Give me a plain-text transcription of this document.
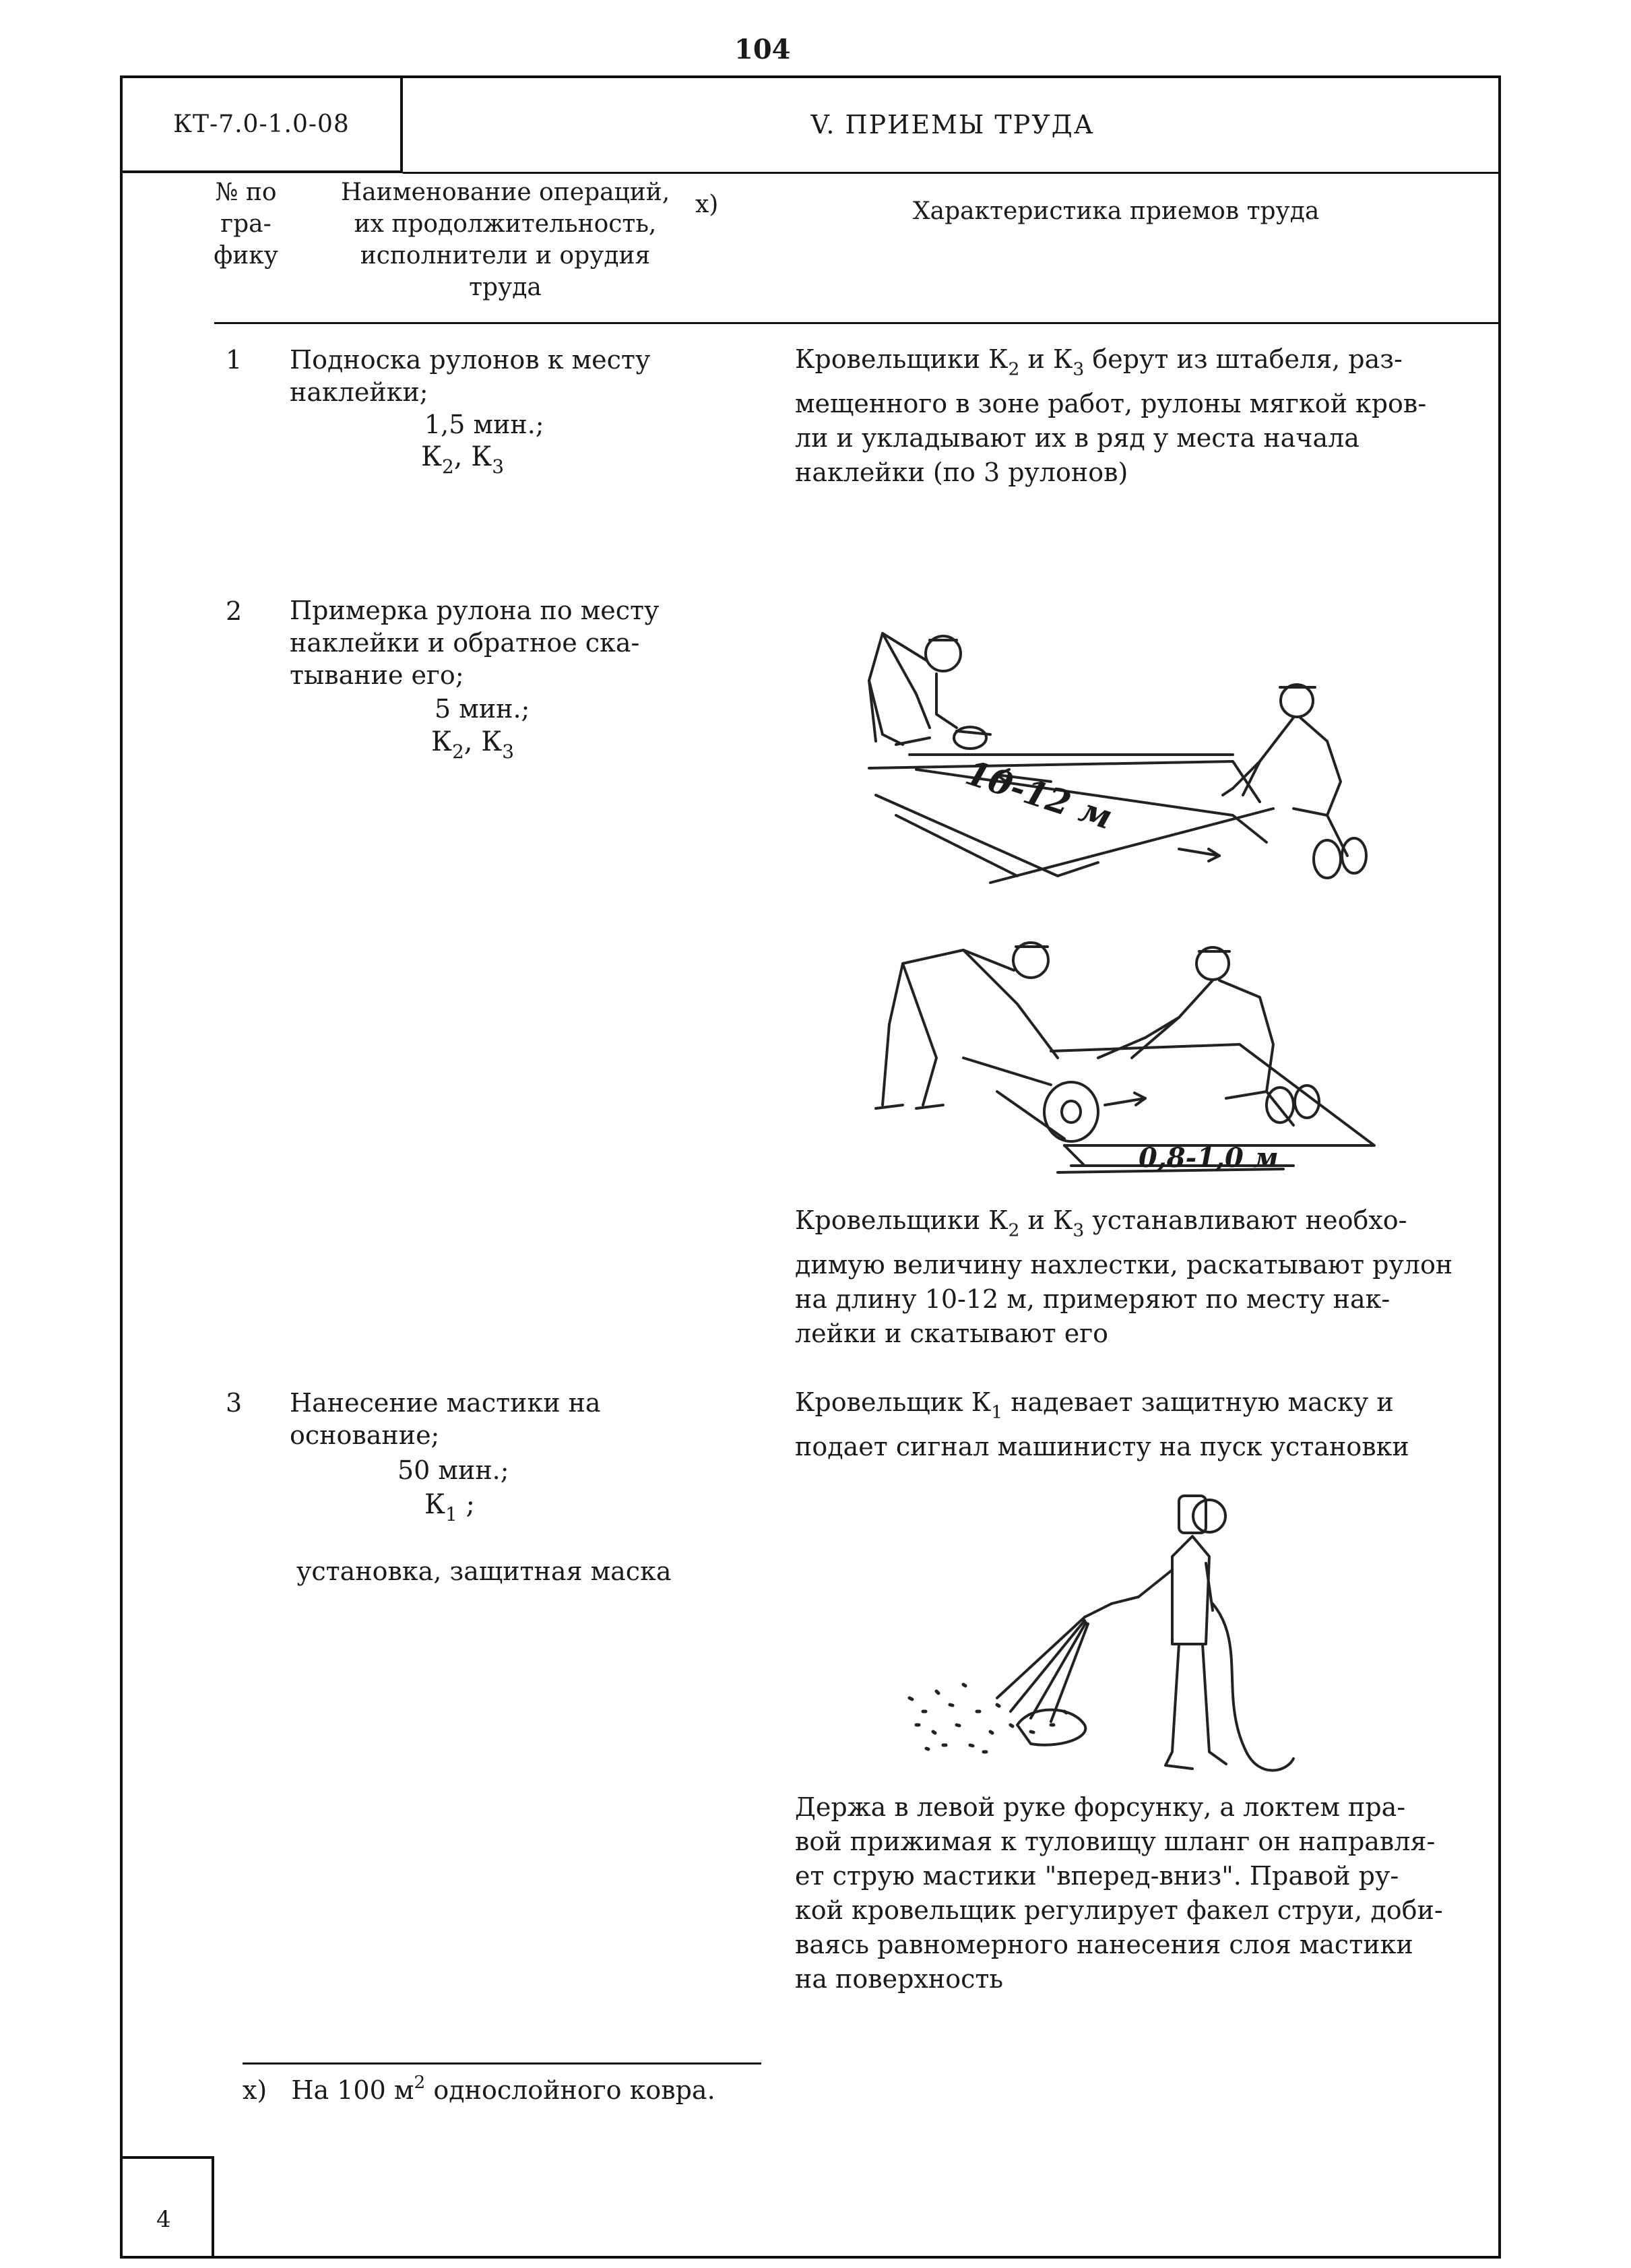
104
КТ-7.0-1.0-08	V. ПРИЕМЫ ТРУДА
№ по
гра-
фику
Наименование операций,
их продолжительность,
исполнители и орудия
труда
x)	Характеристика приемов труда
1 Подноска рулонов к месту
наклейки;
1,5 мин.;
$К_2$, $К_3$
Кровельщики $К_2$ и $К_3$ берут из штабеля, раз-
мещенного в зоне работ, рулоны мягкой кров-
ли и укладывают их в ряд у места начала
наклейки (по 3 рулонов)
2 Примерка рулона по месту
наклейки и обратное ска-
тывание его;
5 мин.;
$К_2$, $К_3$
10-12 м
0,8-1,0 м
Кровельщики $К_2$ и $К_3$ устанавливают необхо-
димую величину нахлестки, раскатывают рулон
на длину 10-12 м, примеряют по месту нак-
лейки и скатывают его
3 Нанесение мастики на
основание;
50 мин.;
$К_1$ ;
установка, защитная маска
Кровельщик $К_1$ надевает защитную маску и
подает сигнал машинисту на пуск установки
Держа в левой руке форсунку, а локтем пра-
вой прижимая к туловищу шланг он направля-
ет струю мастики "вперед-вниз". Правой ру-
кой кровельщик регулирует факел струи, доби-
ваясь равномерного нанесения слоя мастики
на поверхность
x) На 100 $м^2$ однослойного ковра.
4
